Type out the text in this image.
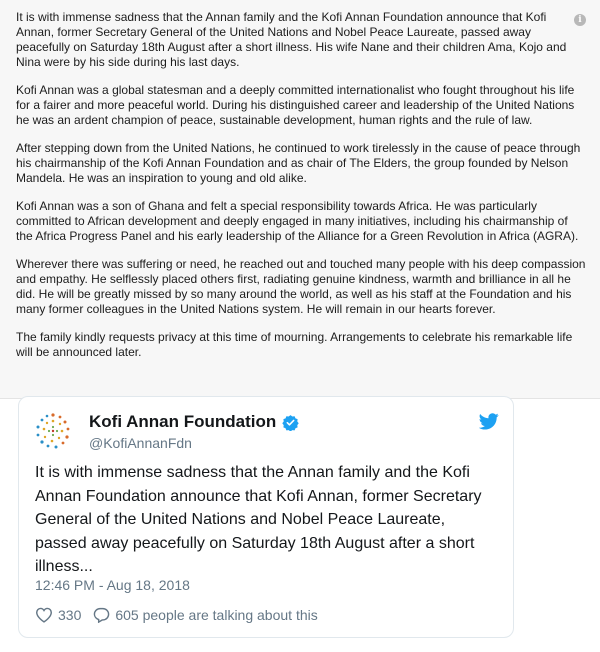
i

It is with immense sadness that the Annan family and the Kofi Annan Foundation announce that Kofi Annan, former Secretary General of the United Nations and Nobel Peace Laureate, passed away peacefully on Saturday 18th August after a short illness. His wife Nane and their children Ama, Kojo and Nina were by his side during his last days.

Kofi Annan was a global statesman and a deeply committed internationalist who fought throughout his life for a fairer and more peaceful world. During his distinguished career and leadership of the United Nations he was an ardent champion of peace, sustainable development, human rights and the rule of law.

After stepping down from the United Nations, he continued to work tirelessly in the cause of peace through his chairmanship of the Kofi Annan Foundation and as chair of The Elders, the group founded by Nelson Mandela. He was an inspiration to young and old alike.

Kofi Annan was a son of Ghana and felt a special responsibility towards Africa. He was particularly committed to African development and deeply engaged in many initiatives, including his chairmanship of the Africa Progress Panel and his early leadership of the Alliance for a Green Revolution in Africa (AGRA).

Wherever there was suffering or need, he reached out and touched many people with his deep compassion and empathy. He selflessly placed others first, radiating genuine kindness, warmth and brilliance in all he did. He will be greatly missed by so many around the world, as well as his staff at the Foundation and his many former colleagues in the United Nations system. He will remain in our hearts forever.

The family kindly requests privacy at this time of mourning. Arrangements to celebrate his remarkable life will be announced later.

Kofi Annan Foundation
@KofiAnnanFdn
It is with immense sadness that the Annan family and the Kofi Annan Foundation announce that Kofi Annan, former Secretary General of the United Nations and Nobel Peace Laureate, passed away peacefully on Saturday 18th August after a short illness...
12:46 PM - Aug 18, 2018
330 605 people are talking about this
